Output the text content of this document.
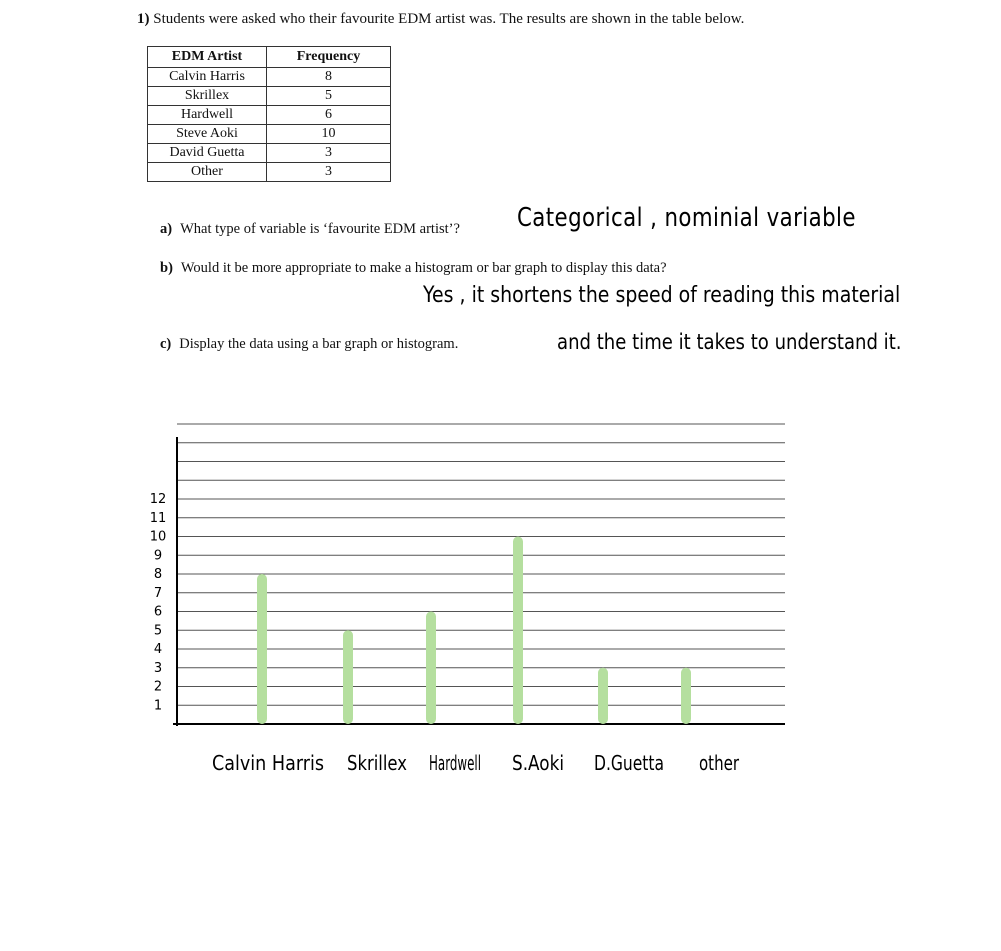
1) Students were asked who their favourite EDM artist was. The results are shown in the table below.
EDM Artist	Frequency
Calvin Harris	8
Skrillex	5
Hardwell	6
Steve Aoki	10
David Guetta	3
Other	3
a) What type of variable is ‘favourite EDM artist’?
b) Would it be more appropriate to make a histogram or bar graph to display this data?
c) Display the data using a bar graph or histogram.
Categorical , nominial variable
Yes , it shortens the speed of reading this material
and the time it takes to understand it.
1
2
3
4
5
6
7
8
9
10
11
12
Calvin Harris Skrillex Hardwell S.Aoki D.Guetta other
